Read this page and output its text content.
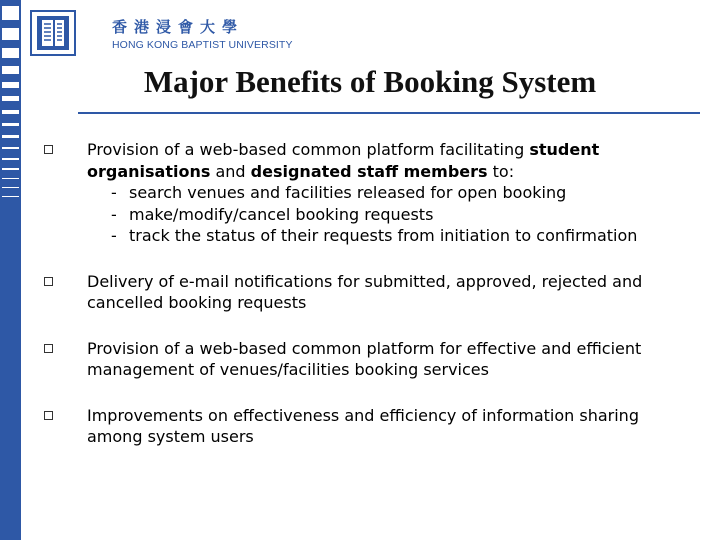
香港浸會大學
HONG KONG BAPTIST UNIVERSITY
Major Benefits of Booking System
Provision of a web-based common platform facilitating student organisations and designated staff members to:
- search venues and facilities released for open booking
- make/modify/cancel booking requests
- track the status of their requests from initiation to confirmation
Delivery of e-mail notifications for submitted, approved, rejected and cancelled booking requests
Provision of a web-based common platform for effective and efficient management of venues/facilities booking services
Improvements on effectiveness and efficiency of information sharing among system users
